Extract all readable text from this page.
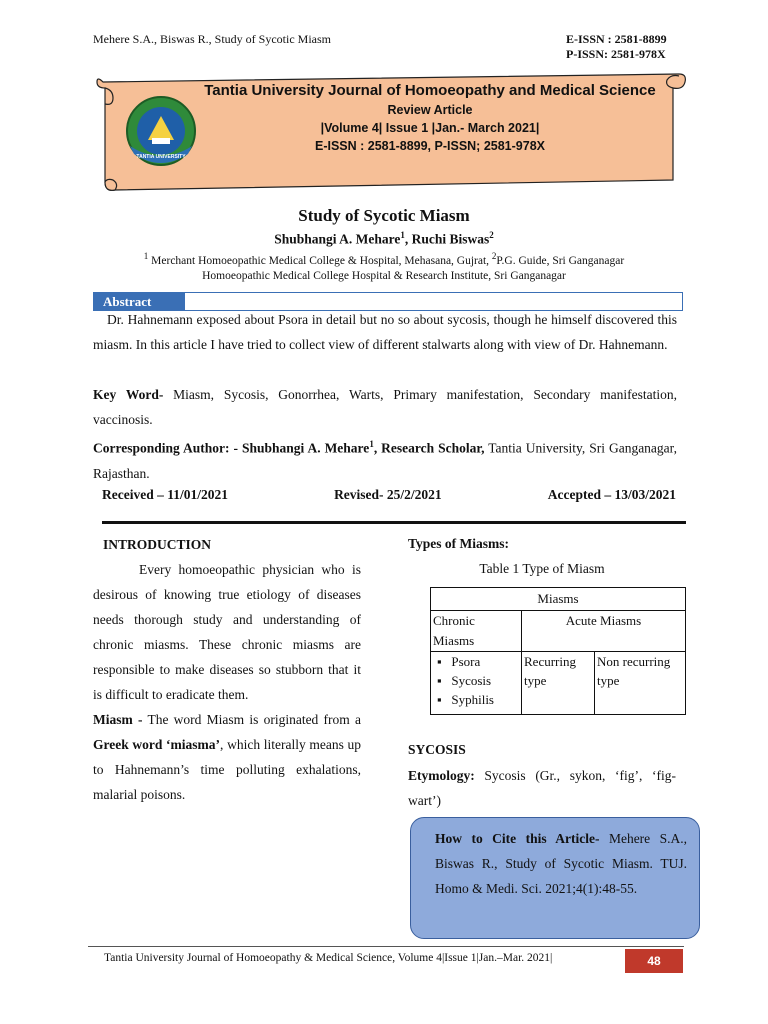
Mehere S.A., Biswas R., Study of Sycotic Miasm	E-ISSN : 2581-8899
P-ISSN: 2581-978X
TANTIA UNIVERSITY
Tantia University Journal of Homoeopathy and Medical Science
Review Article
|Volume 4| Issue 1 |Jan.- March 2021|
E-ISSN : 2581-8899, P-ISSN; 2581-978X
Study of Sycotic Miasm
Shubhangi A. Mehare$^1$, Ruchi Biswas$^2$
$^1$ Merchant Homoeopathic Medical College & Hospital, Mehasana, Gujrat, $^2$P.G. Guide, Sri Ganganagar
Homoeopathic Medical College Hospital & Research Institute, Sri Ganganagar
Abstract
Dr. Hahnemann exposed about Psora in detail but no so about sycosis, though he himself discovered this miasm. In this article I have tried to collect view of different stalwarts along with view of Dr. Hahnemann.
Key Word- Miasm, Sycosis, Gonorrhea, Warts, Primary manifestation, Secondary manifestation, vaccinosis.
Corresponding Author: - Shubhangi A. Mehare$^1$, Research Scholar, Tantia University, Sri Ganganagar, Rajasthan.
Received – 11/01/2021	Revised- 25/2/2021	Accepted – 13/03/2021
INTRODUCTION
Every homoeopathic physician who is desirous of knowing true etiology of diseases needs thorough study and understanding of chronic miasms. These chronic miasms are responsible to make diseases so stubborn that it is difficult to eradicate them.
Miasm - The word Miasm is originated from a Greek word ‘miasma’, which literally means up to Hahnemann’s time polluting exhalations, malarial poisons.
Types of Miasms:
Table 1 Type of Miasm
Miasms		
Chronic Miasms	Acute Miasms	

▪   Psora
▪   Sycosis
▪   Syphilis	Recurring type	Non recurring type
SYCOSIS
Etymology: Sycosis (Gr., sykon, ‘fig’, ‘fig-wart’)
How to Cite this Article- Mehere S.A., Biswas R., Study of Sycotic Miasm. TUJ. Homo & Medi. Sci. 2021;4(1):48-55.
Tantia University Journal of Homoeopathy & Medical Science, Volume 4|Issue 1|Jan.–Mar. 2021|	48
